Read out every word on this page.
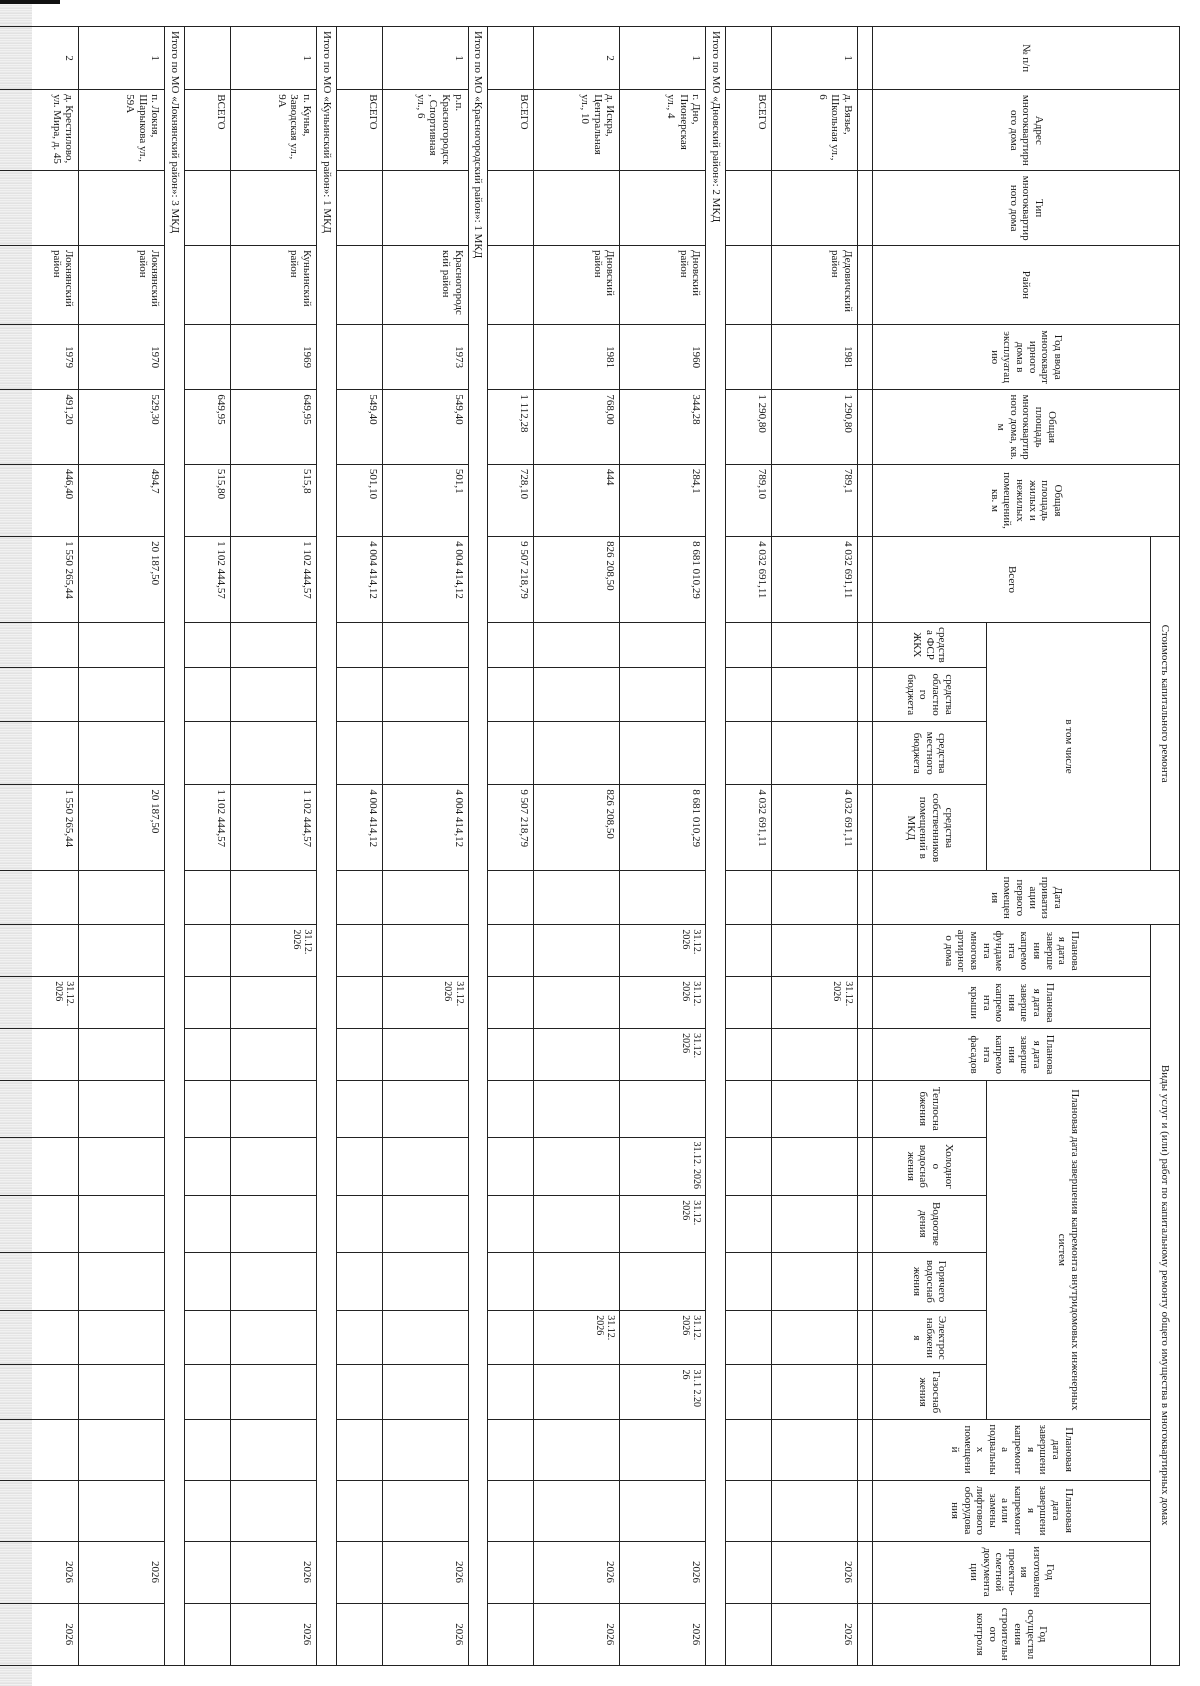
№ п/п	Адрес многоквартирного дома	Тип многоквартирного дома	Район	Год ввода многоквартирного дома в эксплуатацию	Общая площадь многоквартирного дома, кв. м	Общая площадь жилых и нежилых помещений, кв. м	Стоимость капитального ремонта					Дата приватизации первого помещения	Виды услуг и (или) работ по капитальному ремонту общего имущества в многоквартирных домах												
							Всего	в том числе					Плановая дата завершения капремонта фундамента многоквартирного дома	Плановая дата завершения капремонта крыши	Плановая дата завершения капремонта фасадов	Плановая дата завершения капремонта внутридомовых инженерных систем						Плановая дата завершения капремонта подвальных помещений	Плановая дата завершения капремонта или замены лифтового оборудования	Год изготовления проектно-сметной документации	Год осуществления строительного контроля
								средства ФСР ЖКХ	средства областного бюджета	средства местного бюджета	средства собственников помещений в МКД					Теплоснабжения	Холодного водоснабжения	Водоотведения	Горячего водоснабжения	Электроснабжения	Газоснабжения				

1	д. Вязье, Школьная ул., 6		Дедовичский район	1981	1 290,80	789,1	4 032 691,11				4 032 691,11			31.12. 2026										2026	2026
	ВСЕГО				1 290,80	789,10	4 032 691,11				4 032 691,11														
Итого по МО «Дновский район»: 2 МКД																									
1	г. Дно, Пионерская ул., 4		Дновский район	1960	344,28	284,1	8 681 010,29				8 681 010,29		31.12. 2026	31.12. 2026	31.12. 2026		31.12. 2026	31.12. 2026		31.12. 2026	31.1 2.20 26			2026	2026
2	д. Искра, Центральная ул., 10		Дновский район	1981	768,00	444	826 208,50				826 208,50									31.12. 2026				2026	2026
	ВСЕГО				1 112,28	728,10	9 507 218,79				9 507 218,79														
Итого по МО «Красногородский район»: 1 МКД																									
1	р.п. Красногородск, Спортивная ул., 6		Красногородский район	1973	549,40	501,1	4 004 414,12				4 004 414,12			31.12. 2026										2026	2026
	ВСЕГО				549,40	501,10	4 004 414,12				4 004 414,12														
Итого по МО «Куньинский район»: 1 МКД																									
1	п. Кунья, Заводская ул., 9А		Куньинский район	1969	649,95	515,8	1 102 444,57				1 102 444,57		31.12. 2026											2026	2026
	ВСЕГО				649,95	515,80	1 102 444,57				1 102 444,57														
Итого по МО «Локнянский район»: 3 МКД																									
1	п. Локня, Шарыкова ул., 59А		Локнянский район	1970	529,30	494,7	20 187,50				20 187,50													2026	
2	д. Крестилово, ул. Мира, д. 45		Локнянский район	1979	491,20	446,40	1 550 265,44				1 550 265,44			31.12. 2026										2026	2026
